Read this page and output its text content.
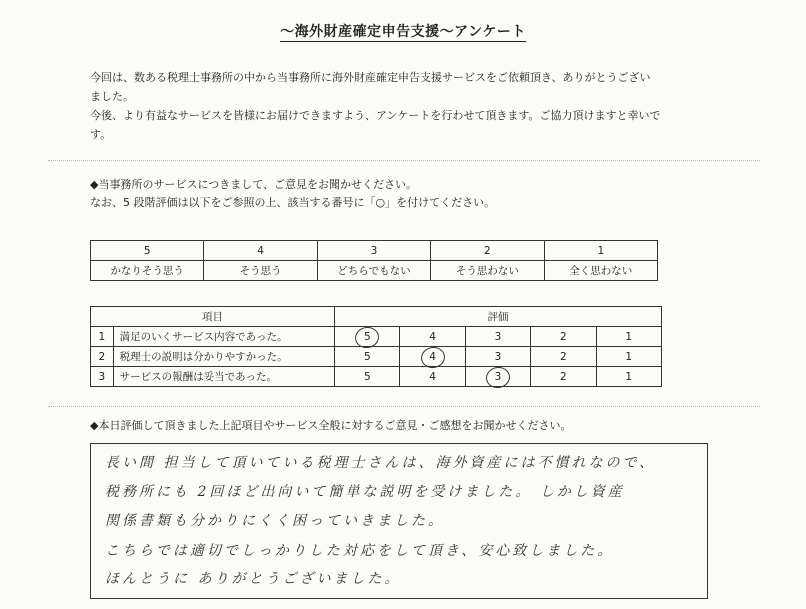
〜海外財産確定申告支援〜アンケート

今回は、数ある税理士事務所の中から当事務所に海外財産確定申告支援サービスをご依頼頂き、ありがとうござい

ました。

今後、より有益なサービスを皆様にお届けできますよう、アンケートを行わせて頂きます。ご協力頂けますと幸いで

す。

◆当事務所のサービスにつきまして、ご意見をお聞かせください。
なお、5 段階評価は以下をご参照の上、該当する番号に「○」を付けてください。
5	4	3	2	1
かなりそう思う	そう思う	どちらでもない	そう思わない	全く思わない
項目		評価				
1	満足のいくサービス内容であった。	5	4	3	2	1
2	税理士の説明は分かりやすかった。	5	4	3	2	1
3	サービスの報酬は妥当であった。	5	4	3	2	1
◆本日評価して頂きました上記項目やサービス全般に対するご意見・ご感想をお聞かせください。
長い間 担当して頂いている税理士さんは、海外資産には不慣れなので、
税務所にも 2回ほど出向いて簡単な説明を受けました。 しかし資産
関係書類も分かりにくく困っていきました。
こちらでは適切でしっかりした対応をして頂き、安心致しました。
ほんとうに ありがとうございました。
